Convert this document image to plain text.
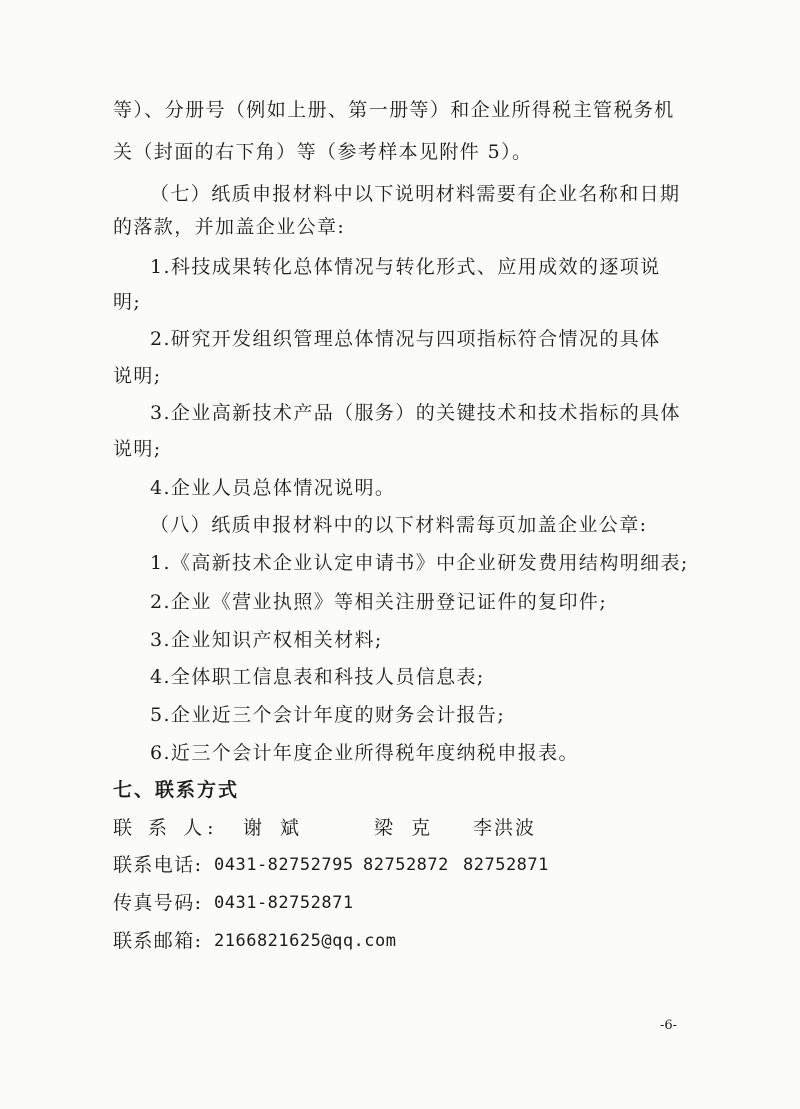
等）、分册号（例如上册、第一册等）和企业所得税主管税务机
关（封面的右下角）等（参考样本见附件 5）。
（七）纸质申报材料中以下说明材料需要有企业名称和日期
的落款，并加盖企业公章:
1.科技成果转化总体情况与转化形式、应用成效的逐项说
明;
2.研究开发组织管理总体情况与四项指标符合情况的具体
说明;
3.企业高新技术产品（服务）的关键技术和技术指标的具体
说明;
4.企业人员总体情况说明。
（八）纸质申报材料中的以下材料需每页加盖企业公章:
1.《高新技术企业认定申请书》中企业研发费用结构明细表;
2.企业《营业执照》等相关注册登记证件的复印件;
3.企业知识产权相关材料;
4.全体职工信息表和科技人员信息表;
5.企业近三个会计年度的财务会计报告;
6.近三个会计年度企业所得税年度纳税申报表。
七、联系方式
联 系 人: 谢 斌	梁 克 李洪波
联系电话: 0431-82752795 82752872 82752871
传真号码: 0431-82752871
联系邮箱: 2166821625@qq.com
-6-
